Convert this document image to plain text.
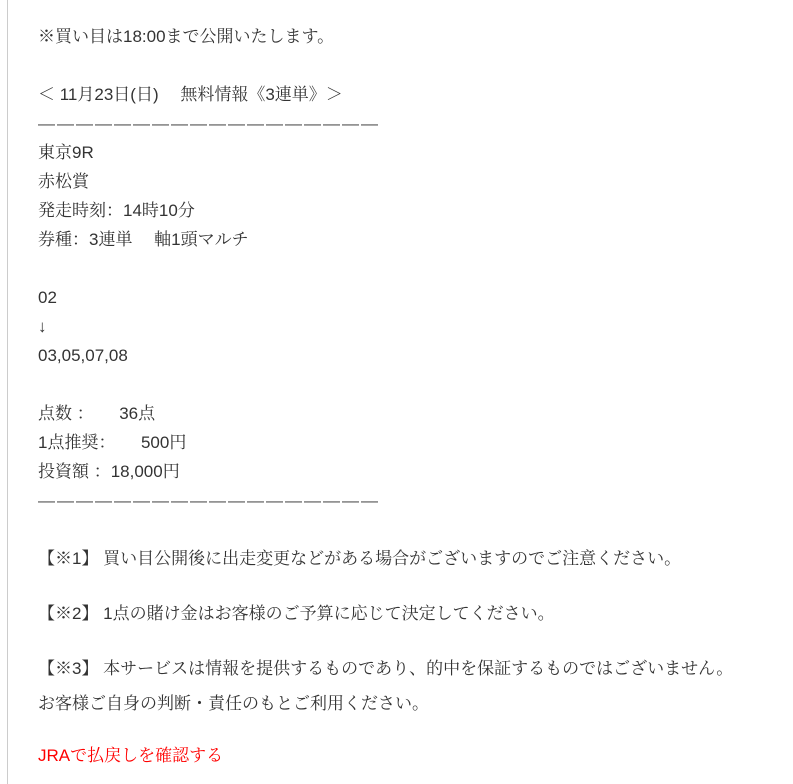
※買い目は18:00まで公開いたします。
＜ 11月23日(日)　 無料情報《3連単》＞
――――――――――――――――――
東京9R
赤松賞
発走時刻：14時10分
券種：3連単　 軸1頭マルチ
02
↓
03,05,07,08
点数 ：　　36点
1点推奨：　　500円
投資額 ：18,000円
――――――――――――――――――

【※1】 買い目公開後に出走変更などがある場合がございますのでご注意ください。

【※2】 1点の賭け金はお客様のご予算に応じて決定してください。

【※3】 本サービスは情報を提供するものであり、的中を保証するものではございません。
お客様ご自身の判断・責任のもとご利用ください。

JRAで払戻しを確認する
